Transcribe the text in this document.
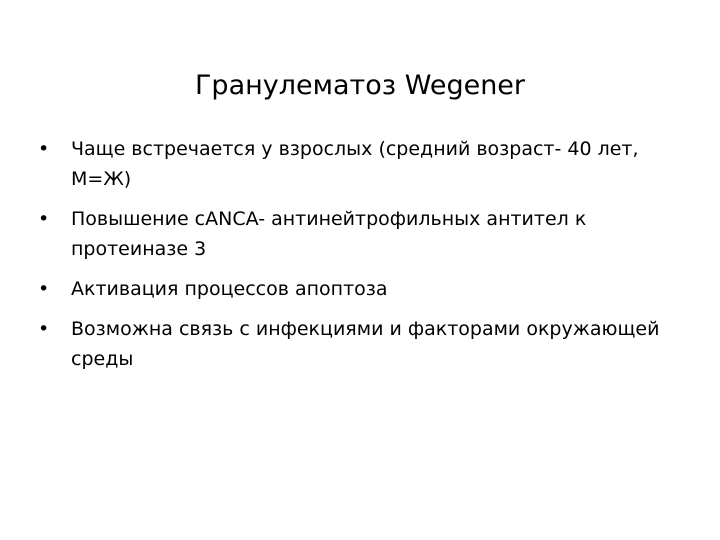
Гранулематоз Wegener
• Чаще встречается у взрослых (средний возраст- 40 лет, М=Ж)
• Повышение cANCA- антинейтрофильных антител к протеиназе 3
• Активация процессов апоптоза
• Возможна связь с инфекциями и факторами окружающей среды
